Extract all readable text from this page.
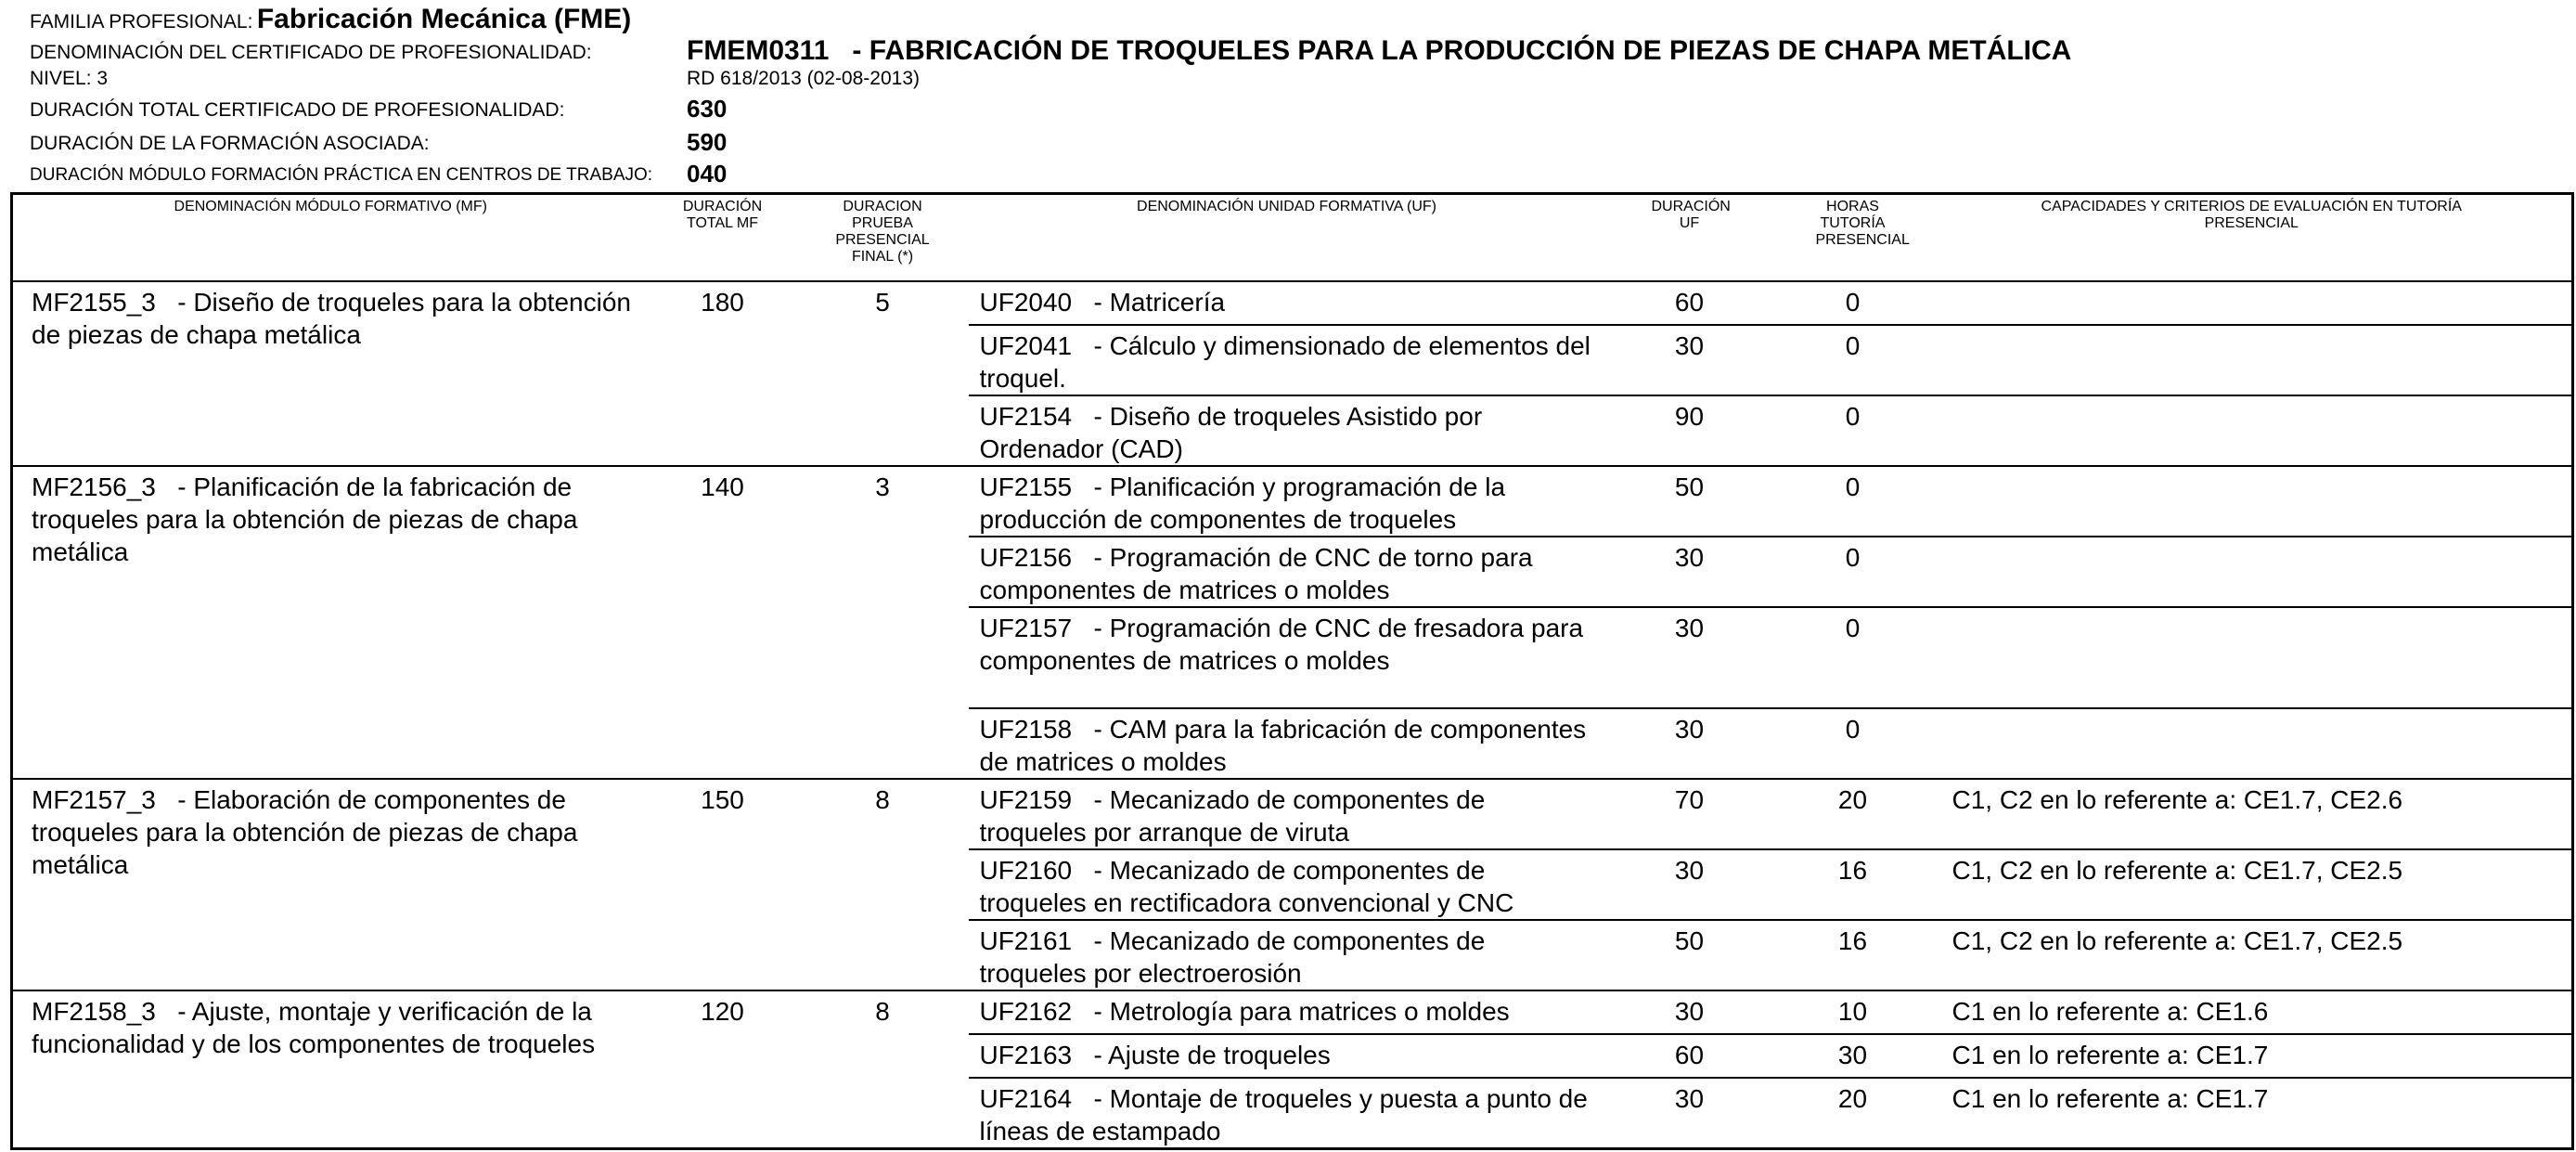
FAMILIA PROFESIONAL: Fabricación Mecánica (FME)
DENOMINACIÓN DEL CERTIFICADO DE PROFESIONALIDAD:	FMEM0311 - FABRICACIÓN DE TROQUELES PARA LA PRODUCCIÓN DE PIEZAS DE CHAPA METÁLICA
NIVEL: 3	RD 618/2013 (02-08-2013)
DURACIÓN TOTAL CERTIFICADO DE PROFESIONALIDAD:	630
DURACIÓN DE LA FORMACIÓN ASOCIADA:	590
DURACIÓN MÓDULO FORMACIÓN PRÁCTICA EN CENTROS DE TRABAJO: 040
DENOMINACIÓN MÓDULO FORMATIVO (MF)	DURACIÓN TOTAL MF	DURACION PRUEBA PRESENCIAL FINAL (*)	DENOMINACIÓN UNIDAD FORMATIVA (UF)	DURACIÓN UF	HORAS TUTORÍA PRESENCIAL	CAPACIDADES Y CRITERIOS DE EVALUACIÓN EN TUTORÍA PRESENCIAL
MF2155_3 - Diseño de troqueles para la obtención de piezas de chapa metálica	180	5	UF2040 - Matricería	60	0	
			UF2041 - Cálculo y dimensionado de elementos del troquel.	30	0	
			UF2154 - Diseño de troqueles Asistido por Ordenador (CAD)	90	0	
MF2156_3 - Planificación de la fabricación de troqueles para la obtención de piezas de chapa metálica	140	3	UF2155 - Planificación y programación de la producción de componentes de troqueles	50	0	
			UF2156 - Programación de CNC de torno para componentes de matrices o moldes	30	0	
			UF2157 - Programación de CNC de fresadora para componentes de matrices o moldes	30	0	
			UF2158 - CAM para la fabricación de componentes de matrices o moldes	30	0	
MF2157_3 - Elaboración de componentes de troqueles para la obtención de piezas de chapa metálica	150	8	UF2159 - Mecanizado de componentes de troqueles por arranque de viruta	70	20	C1, C2 en lo referente a: CE1.7, CE2.6
			UF2160 - Mecanizado de componentes de troqueles en rectificadora convencional y CNC	30	16	C1, C2 en lo referente a: CE1.7, CE2.5
			UF2161 - Mecanizado de componentes de troqueles por electroerosión	50	16	C1, C2 en lo referente a: CE1.7, CE2.5
MF2158_3 - Ajuste, montaje y verificación de la funcionalidad y de los componentes de troqueles	120	8	UF2162 - Metrología para matrices o moldes	30	10	C1 en lo referente a: CE1.6
			UF2163 - Ajuste de troqueles	60	30	C1 en lo referente a: CE1.7
			UF2164 - Montaje de troqueles y puesta a punto de líneas de estampado	30	20	C1 en lo referente a: CE1.7
